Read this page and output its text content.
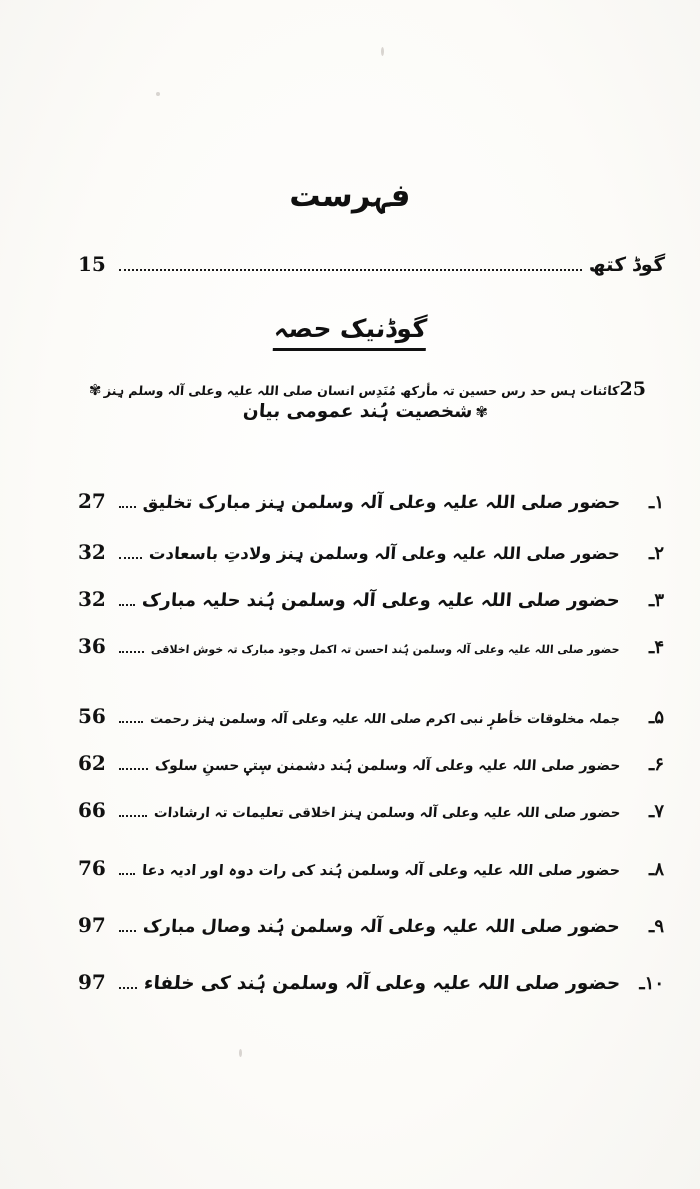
فہرست
گوڈ کتھ
15
گوڈنیک حصہ
25
کائنات ہس حد رس حسین تہ مأرکھ مُنَدِس انسان صلی اللہ علیہ وعلی آلہ وسلم ہِنز
✾
✾
شخصیت ہُند عمومی بیان
۱ـ
حضور صلی اللہ علیہ وعلی آلہ وسلمن ہِنز مبارک تخلیق
27
۲ـ
حضور صلی اللہ علیہ وعلی آلہ وسلمن ہِنز ولادتِ باسعادت
32
۳ـ
حضور صلی اللہ علیہ وعلی آلہ وسلمن ہُند حلیہ مبارک
32
۴ـ
حضور صلی اللہ علیہ وعلی آلہ وسلمن ہُند احسن تہ اکمل وجود مبارک تہ خوش اخلاقی
36
۵ـ
جملہ مخلوقات خأطرٕ نبی اکرم صلی اللہ علیہ وعلی آلہ وسلمن ہِنز رحمت
56
۶ـ
حضور صلی اللہ علیہ وعلی آلہ وسلمن ہُند دشمنن سٕتؠ حسنِ سلوک
62
۷ـ
حضور صلی اللہ علیہ وعلی آلہ وسلمن ہِنز اخلاقی تعلیمات تہ ارشادات
66
۸ـ
حضور صلی اللہ علیہ وعلی آلہ وسلمن ہُند کی رات دوہ اور ادیہ دعا
76
۹ـ
حضور صلی اللہ علیہ وعلی آلہ وسلمن ہُند وصال مبارک
97
۱۰ـ
حضور صلی اللہ علیہ وعلی آلہ وسلمن ہُند کی خلفاء
97
